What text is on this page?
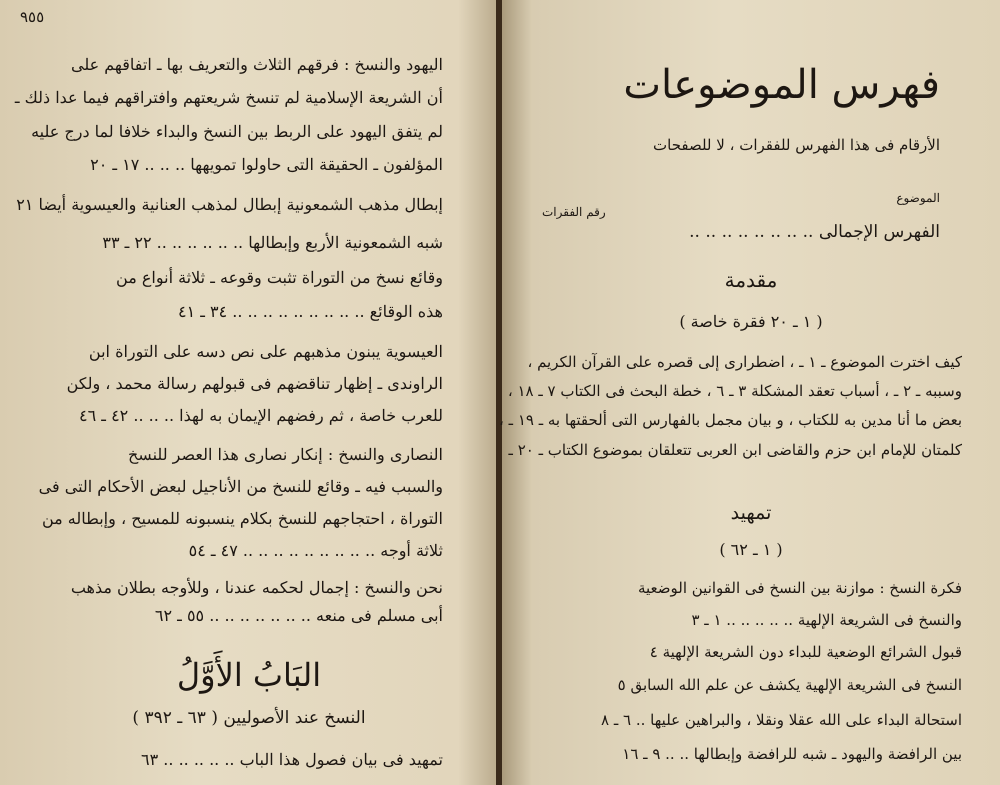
٩٥٥
اليهود والنسخ : فرقهم الثلاث والتعريف بها ـ اتفاقهم على
أن الشريعة الإسلامية لم تنسخ شريعتهم وافتراقهم فيما عدا ذلك ـ
لم يتفق اليهود على الربط بين النسخ والبداء خلافا لما درج عليه
المؤلفون ـ الحقيقة التى حاولوا تمويهها .. .. .. ١٧ ـ ٢٠
إبطال مذهب الشمعونية إبطال لمذهب العنانية والعيسوية أيضا ٢١
شبه الشمعونية الأربع وإبطالها .. .. .. .. .. .. ٢٢ ـ ٣٣
وقائع نسخ من التوراة تثبت وقوعه ـ ثلاثة أنواع من
هذه الوقائع .. .. .. .. .. .. .. .. .. ٣٤ ـ ٤١
العيسوية يبنون مذهبهم على نص دسه على التوراة ابن
الراوندى ـ إظهار تناقضهم فى قبولهم رسالة محمد ، ولكن
للعرب خاصة ، ثم رفضهم الإيمان به لهذا .. .. .. ٤٢ ـ ٤٦
النصارى والنسخ : إنكار نصارى هذا العصر للنسخ
والسبب فيه ـ وقائع للنسخ من الأناجيل لبعض الأحكام التى فى
التوراة ، احتجاجهم للنسخ بكلام ينسبونه للمسيح ، وإبطاله من
ثلاثة أوجه .. .. .. .. .. .. .. .. .. ٤٧ ـ ٥٤
نحن والنسخ : إجمال لحكمه عندنا ، وللأوجه بطلان مذهب
أبى مسلم فى منعه .. .. .. .. .. .. .. ٥٥ ـ ٦٢
البَابُ الأَوَّلُ
النسخ عند الأصوليين ( ٦٣ ـ ٣٩٢ )
تمهيد فى بيان فصول هذا الباب .. .. .. .. .. ٦٣
فهرس الموضوعات
الأرقام فى هذا الفهرس للفقرات ، لا للصفحات
الموضوع
رقم الفقرات
الفهرس الإجمالى .. .. .. .. .. .. .. ..
مقدمة
( ١ ـ ٢٠ فقرة خاصة )
كيف اخترت الموضوع ـ ١ ـ ، اضطرارى إلى قصره على القرآن الكريم ،
وسببه ـ ٢ ـ ، أسباب تعقد المشكلة ٣ ـ ٦ ، خطة البحث فى الكتاب ٧ ـ ١٨ ،
بعض ما أنا مدين به للكتاب ، و بيان مجمل بالفهارس التى ألحقتها به ـ ١٩ ـ ،
كلمتان للإمام ابن حزم والقاضى ابن العربى تتعلقان بموضوع الكتاب ـ ٢٠ ـ
تمهيد
( ١ ـ ٦٢ )
فكرة النسخ : موازنة بين النسخ فى القوانين الوضعية
والنسخ فى الشريعة الإلهية .. .. .. .. .. ١ ـ ٣
قبول الشرائع الوضعية للبداء دون الشريعة الإلهية ٤
النسخ فى الشريعة الإلهية يكشف عن علم الله السابق ٥
استحالة البداء على الله عقلا ونقلا ، والبراهين عليها .. ٦ ـ ٨
بين الرافضة واليهود ـ شبه للرافضة وإبطالها .. .. ٩ ـ ١٦
